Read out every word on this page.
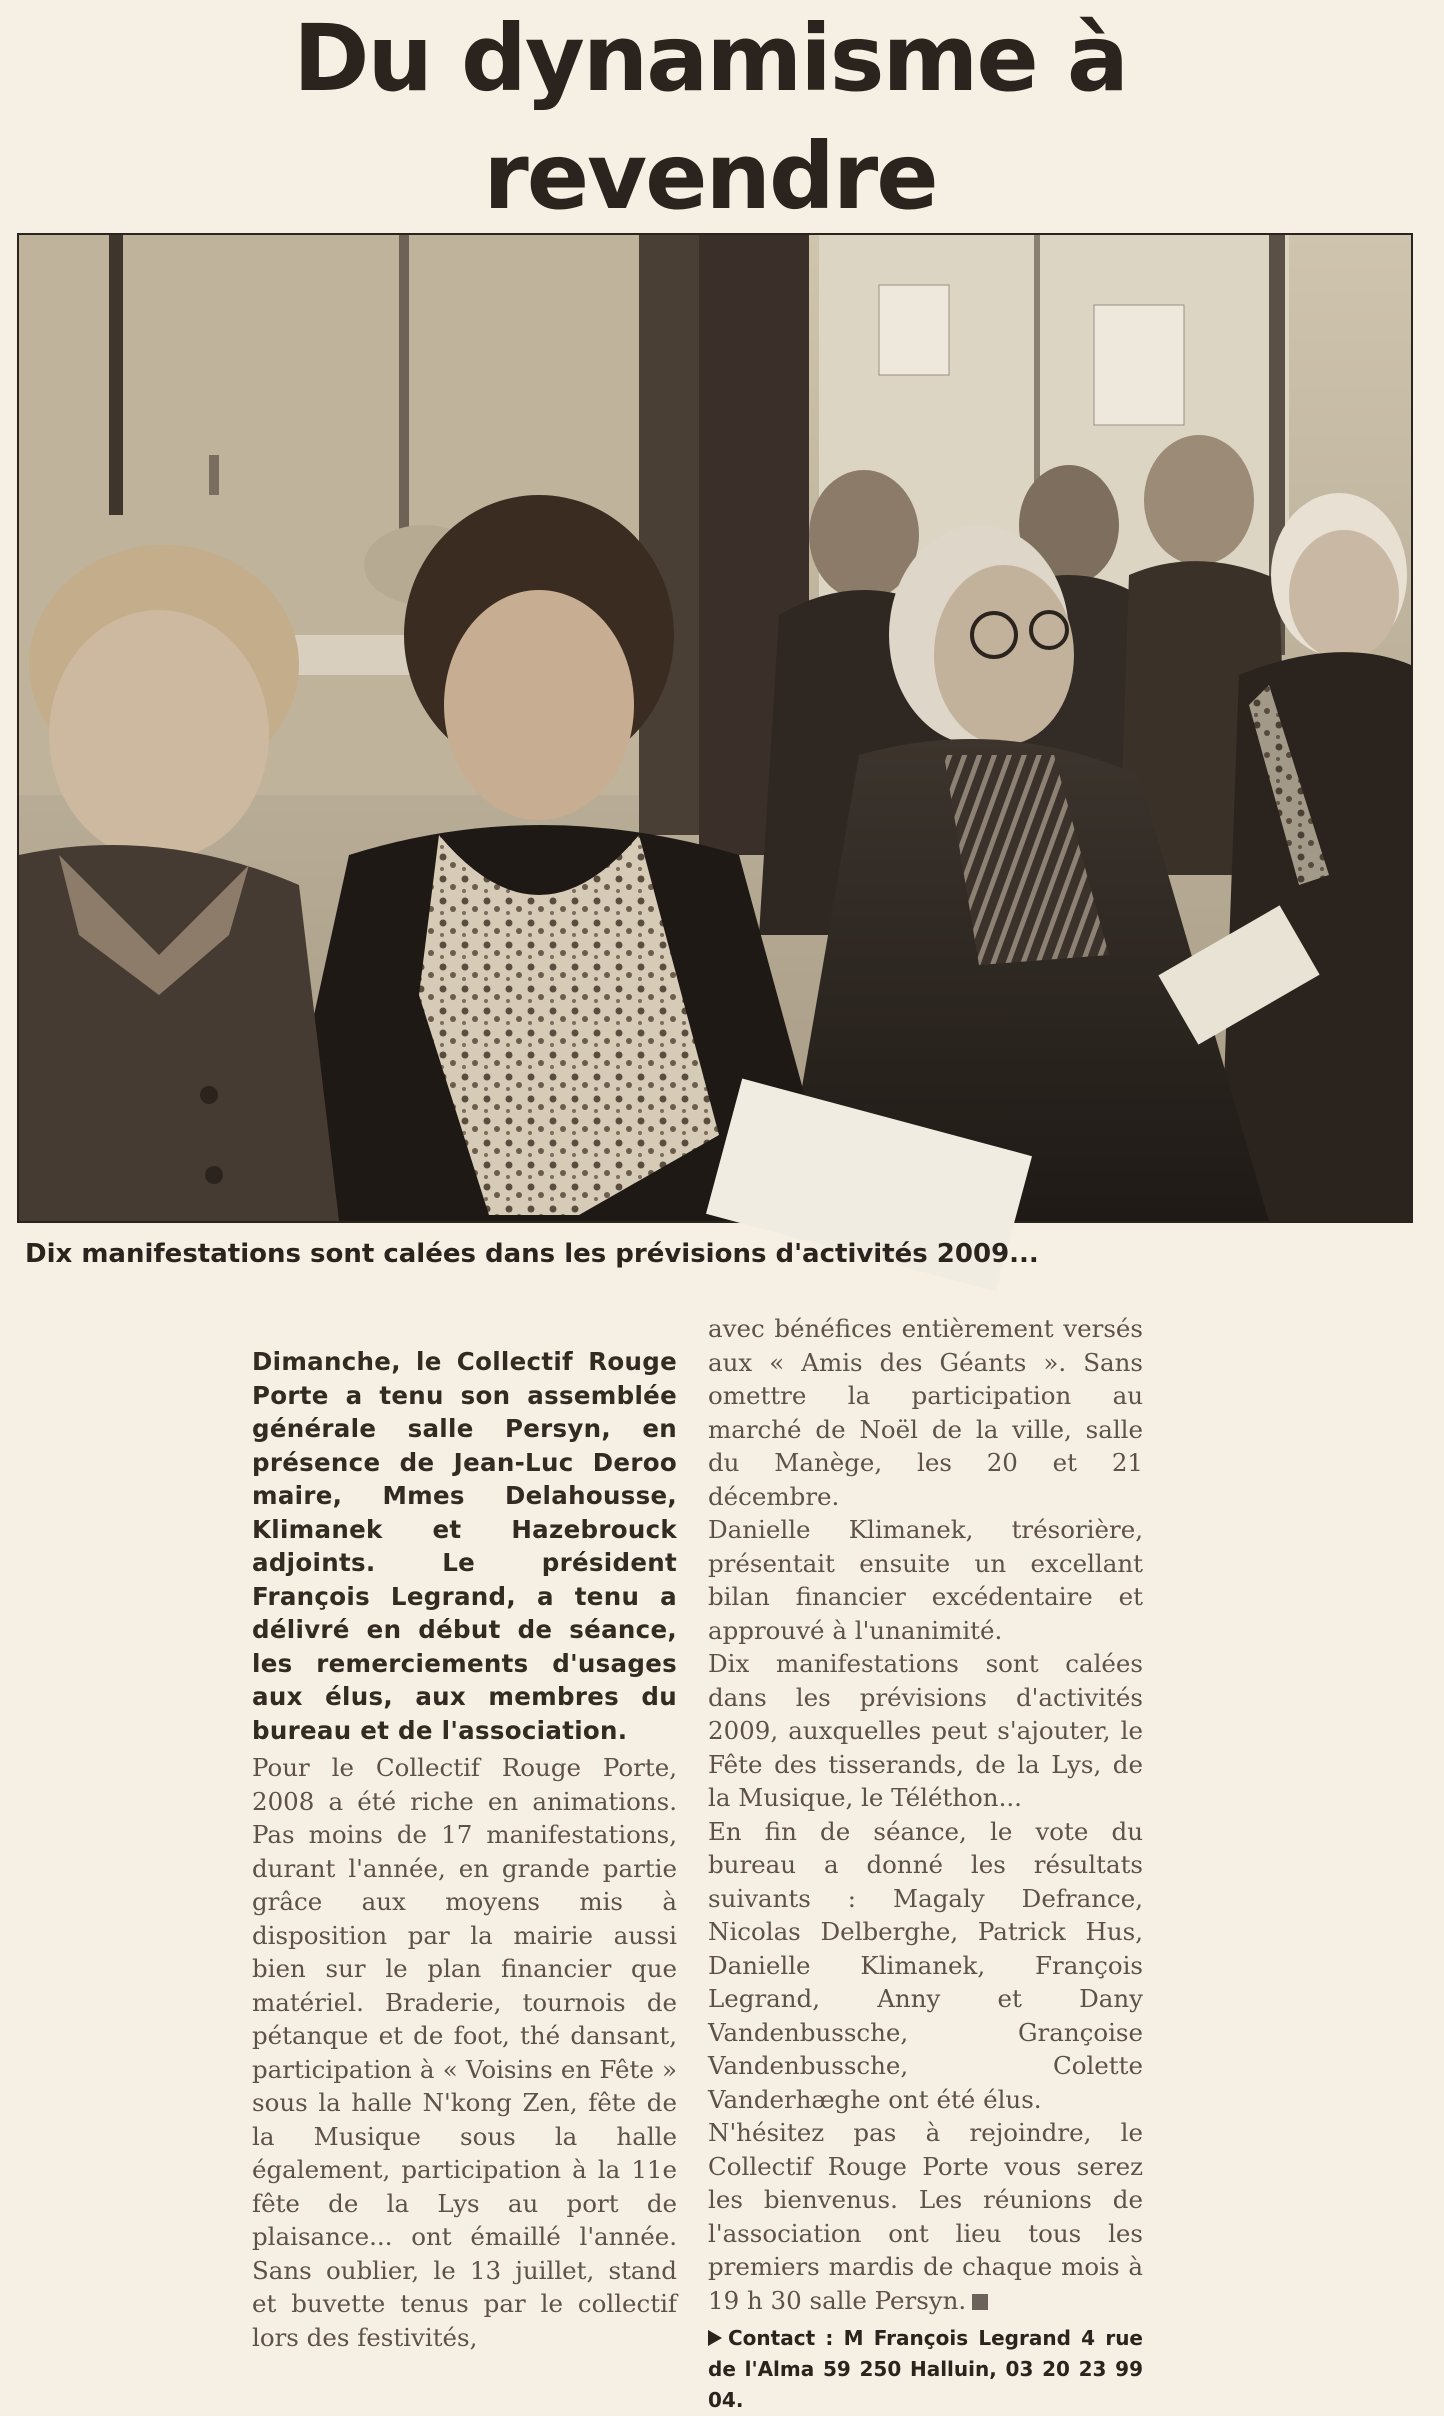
Du dynamisme à revendre
Dix manifestations sont calées dans les prévisions d'activités 2009...

Dimanche, le Collectif Rouge Porte a tenu son assemblée générale salle Persyn, en présence de Jean-Luc Deroo maire, Mmes Delahousse, Klimanek et Hazebrouck adjoints. Le président François Legrand, a tenu a délivré en début de séance, les remerciements d'usages aux élus, aux membres du bureau et de l'association.

Pour le Collectif Rouge Porte, 2008 a été riche en animations. Pas moins de 17 manifestations, durant l'année, en grande partie grâce aux moyens mis à disposition par la mairie aussi bien sur le plan financier que matériel. Braderie, tournois de pétanque et de foot, thé dansant, participation à « Voisins en Fête » sous la halle N'kong Zen, fête de la Musique sous la halle également, participation à la 11e fête de la Lys au port de plaisance... ont émaillé l'année. Sans oublier, le 13 juillet, stand et buvette tenus par le collectif lors des festivités,

avec bénéfices entièrement versés aux « Amis des Géants ». Sans omettre la participation au marché de Noël de la ville, salle du Manège, les 20 et 21 décembre.

Danielle Klimanek, trésorière, présentait ensuite un excellant bilan financier excédentaire et approuvé à l'unanimité.

Dix manifestations sont calées dans les prévisions d'activités 2009, auxquelles peut s'ajouter, le Fête des tisserands, de la Lys, de la Musique, le Téléthon...

En fin de séance, le vote du bureau a donné les résultats suivants : Magaly Defrance, Nicolas Delberghe, Patrick Hus, Danielle Klimanek, François Legrand, Anny et Dany Vandenbussche, Grançoise Vandenbussche, Colette Vanderhæghe ont été élus.

N'hésitez pas à rejoindre, le Collectif Rouge Porte vous serez les bienvenus. Les réunions de l'association ont lieu tous les premiers mardis de chaque mois à 19 h 30 salle Persyn.

Contact : M François Legrand 4 rue de l'Alma 59 250 Halluin, 03 20 23 99 04.
